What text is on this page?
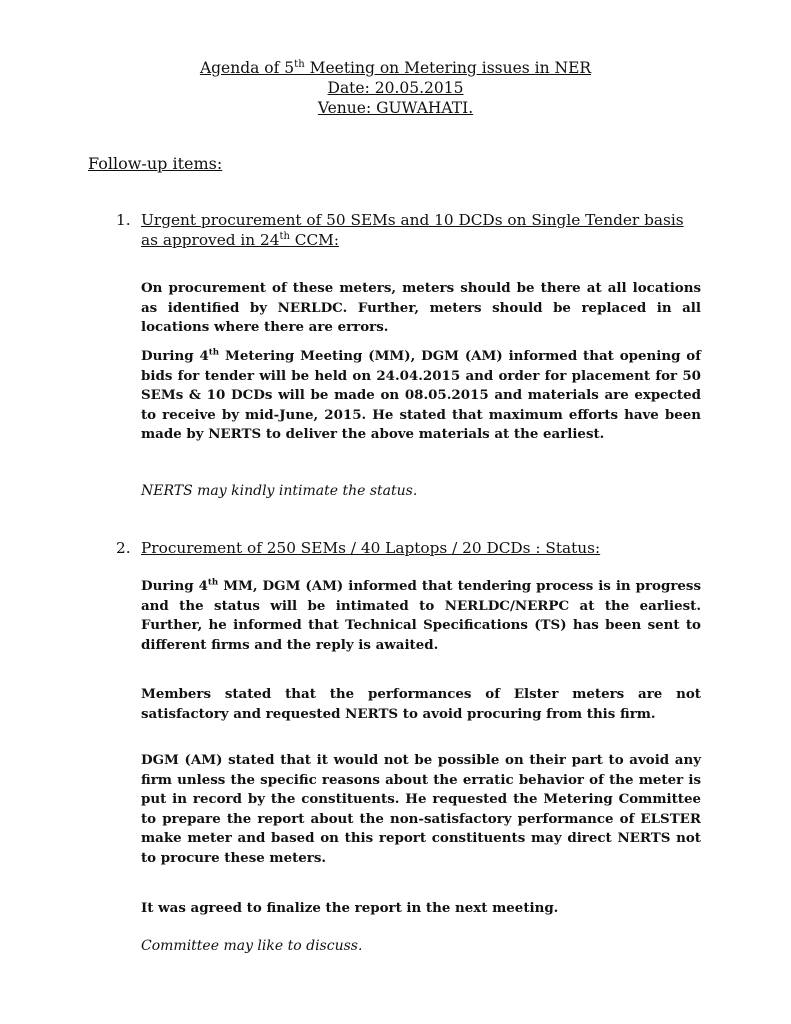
Agenda of 5th Meeting on Metering issues in NER
Date: 20.05.2015
Venue: GUWAHATI.
Follow-up items:
1. Urgent procurement of 50 SEMs and 10 DCDs on Single Tender basis as approved in 24th CCM:
On procurement of these meters, meters should be there at all locations as identified by NERLDC. Further, meters should be replaced in all locations where there are errors.
During 4th Metering Meeting (MM), DGM (AM) informed that opening of bids for tender will be held on 24.04.2015 and order for placement for 50 SEMs & 10 DCDs will be made on 08.05.2015 and materials are expected to receive by mid-June, 2015. He stated that maximum efforts have been made by NERTS to deliver the above materials at the earliest.
NERTS may kindly intimate the status.
2. Procurement of 250 SEMs / 40 Laptops / 20 DCDs : Status:
During 4th MM, DGM (AM) informed that tendering process is in progress and the status will be intimated to NERLDC/NERPC at the earliest. Further, he informed that Technical Specifications (TS) has been sent to different firms and the reply is awaited.
Members stated that the performances of Elster meters are not satisfactory and requested NERTS to avoid procuring from this firm.
DGM (AM) stated that it would not be possible on their part to avoid any firm unless the specific reasons about the erratic behavior of the meter is put in record by the constituents. He requested the Metering Committee to prepare the report about the non-satisfactory performance of ELSTER make meter and based on this report constituents may direct NERTS not to procure these meters.
It was agreed to finalize the report in the next meeting.
Committee may like to discuss.
